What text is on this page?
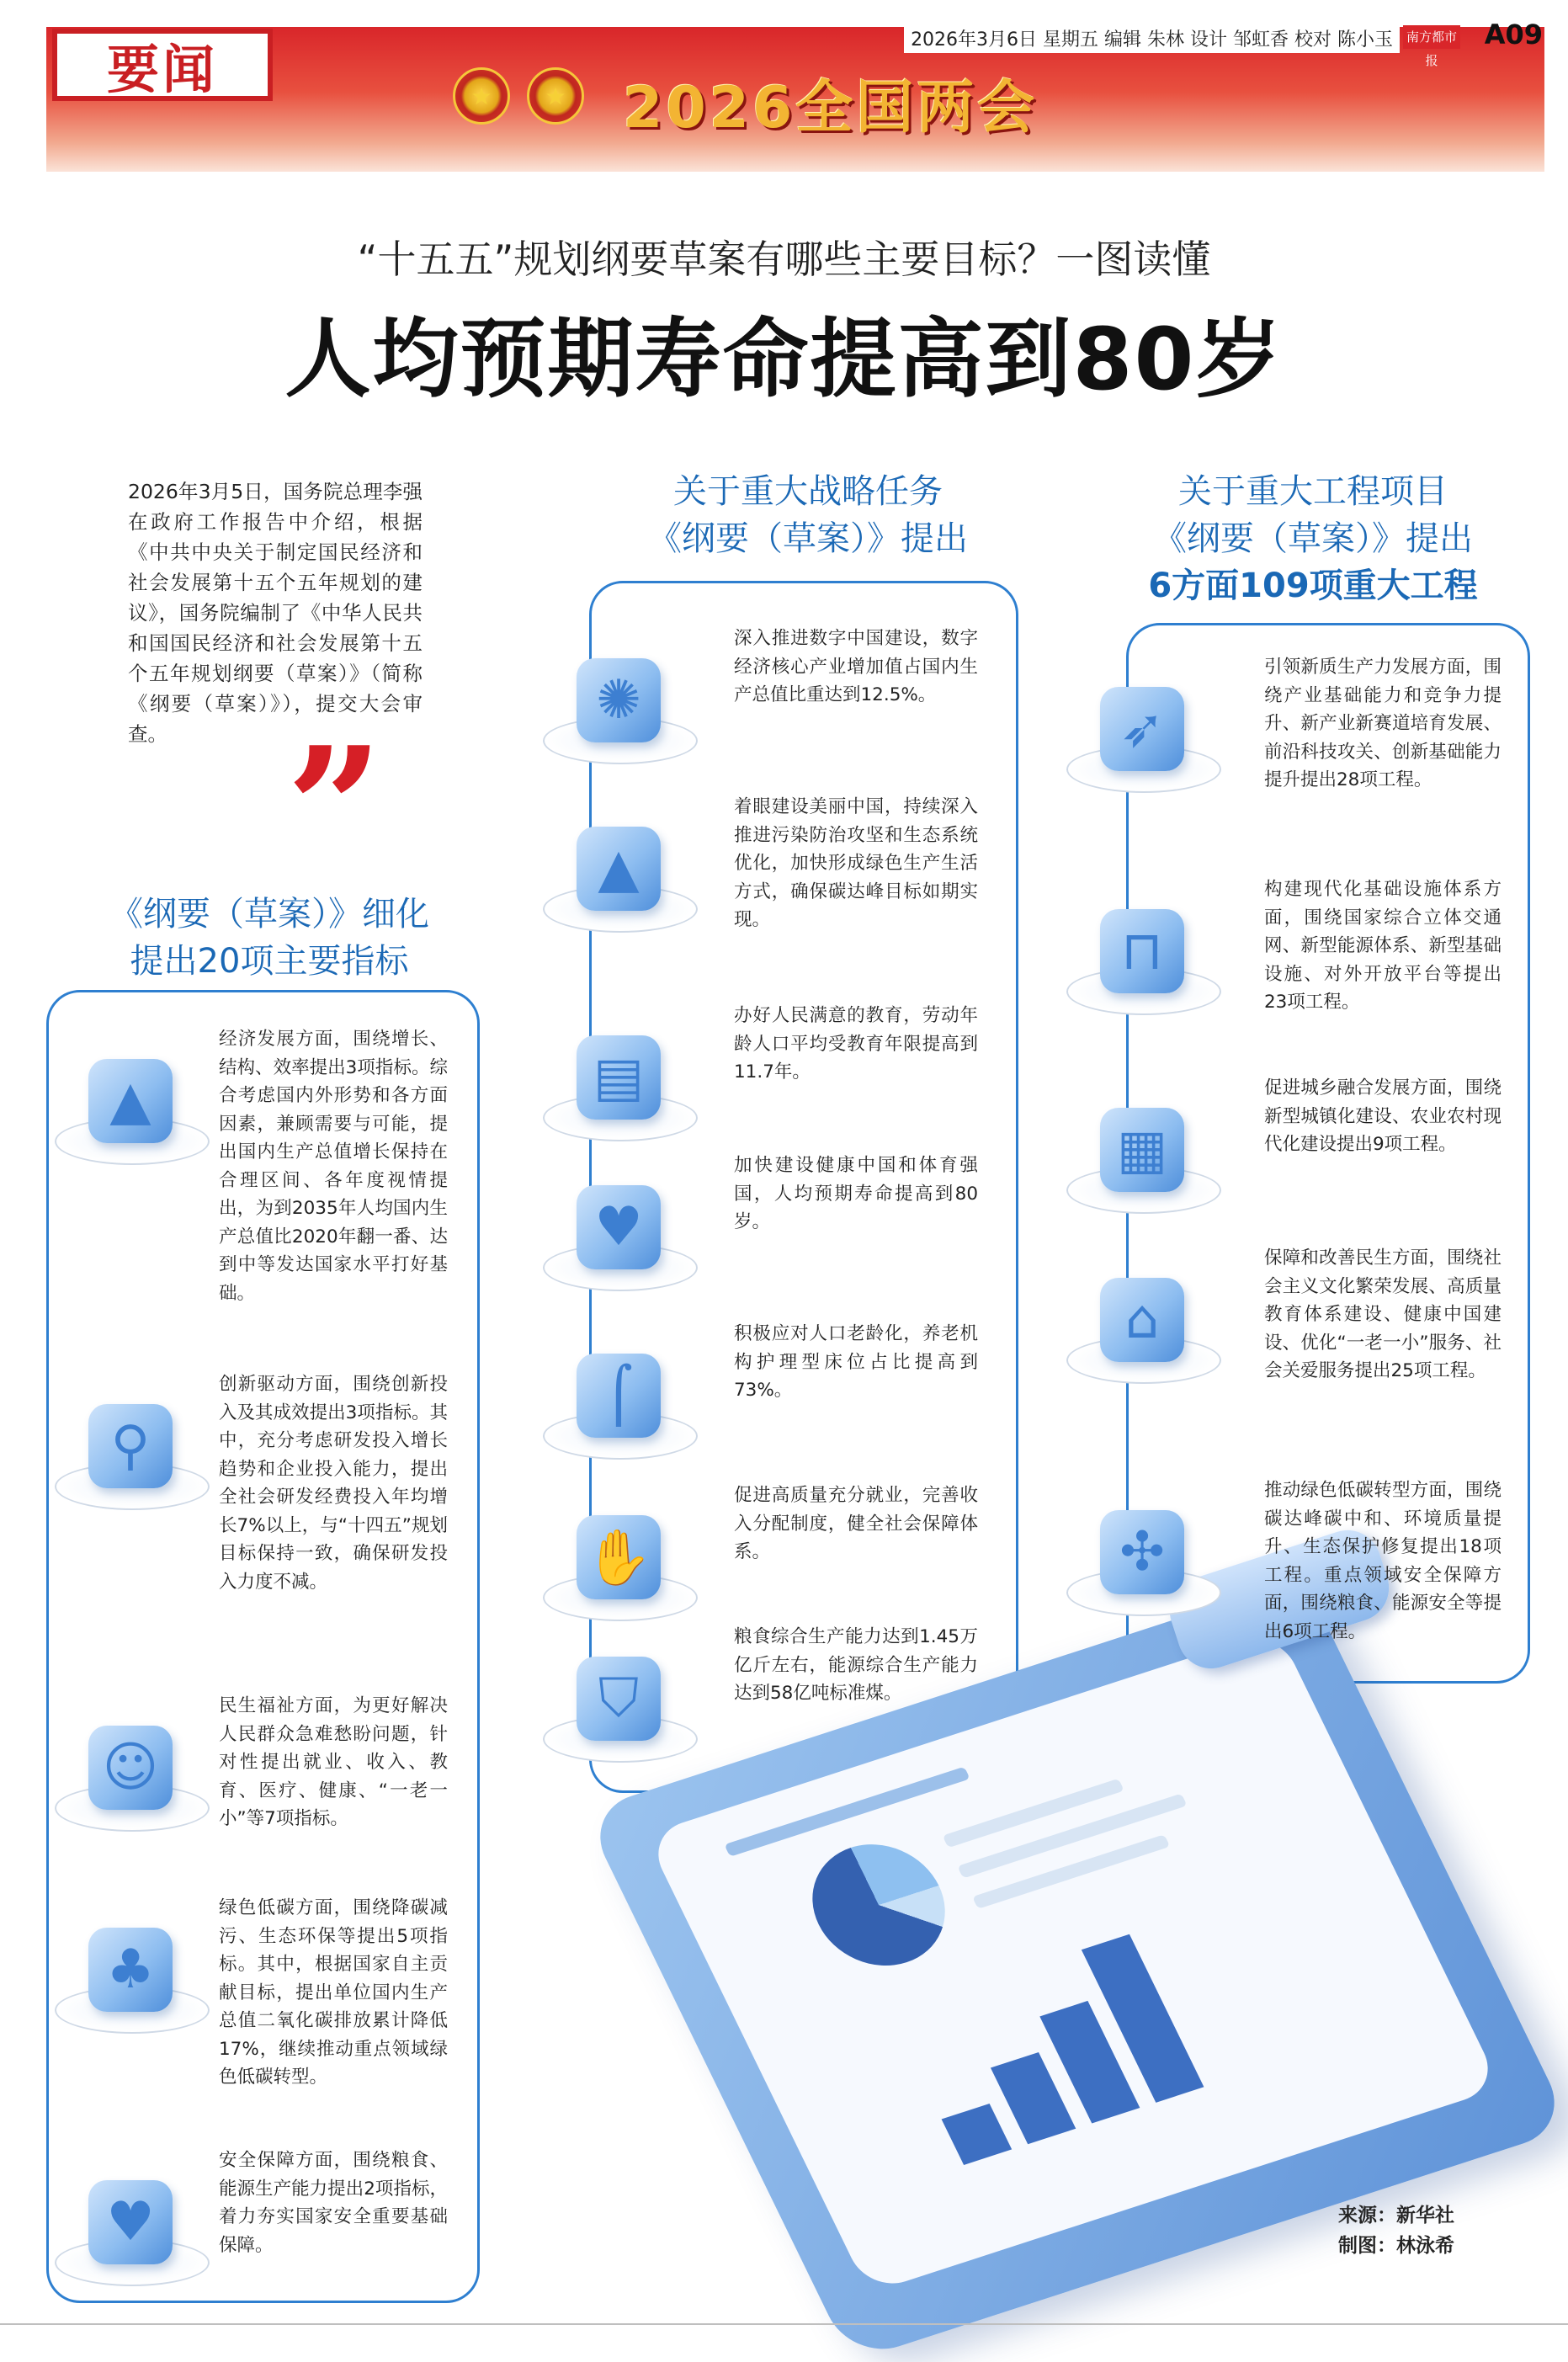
要闻	2026年3月6日 星期五 编辑 朱林 设计 邹虹香 校对 陈小玉	南方都市报
A09
★	★ 2026全国两会
“十五五”规划纲要草案有哪些主要目标？一图读懂
人均预期寿命提高到80岁
2026年3月5日，国务院总理李强在政府工作报告中介绍，根据《中共中央关于制定国民经济和社会发展第十五个五年规划的建议》，国务院编制了《中华人民共和国国民经济和社会发展第十五个五年规划纲要（草案）》（简称《纲要（草案）》），提交大会审查。 ”
《纲要（草案）》细化
提出20项主要指标
关于重大战略任务
《纲要（草案）》提出
关于重大工程项目
《纲要（草案）》提出
6方面109项重大工程
来源：新华社
制图：林泳希
▲
经济发展方面，围绕增长、结构、效率提出3项指标。综合考虑国内外形势和各方面因素，兼顾需要与可能，提出国内生产总值增长保持在合理区间、各年度视情提出，为到2035年人均国内生产总值比2020年翻一番、达到中等发达国家水平打好基础。
⚲
创新驱动方面，围绕创新投入及其成效提出3项指标。其中，充分考虑研发投入增长趋势和企业投入能力，提出全社会研发经费投入年均增长7%以上，与“十四五”规划目标保持一致，确保研发投入力度不减。
☺
民生福祉方面，为更好解决人民群众急难愁盼问题，针对性提出就业、收入、教育、医疗、健康、“一老一小”等7项指标。
♣
绿色低碳方面，围绕降碳减污、生态环保等提出5项指标。其中，根据国家自主贡献目标，提出单位国内生产总值二氧化碳排放累计降低17%，继续推动重点领域绿色低碳转型。
♥
安全保障方面，围绕粮食、能源生产能力提出2项指标，着力夯实国家安全重要基础保障。
✺
深入推进数字中国建设，数字经济核心产业增加值占国内生产总值比重达到12.5%。
▲
着眼建设美丽中国，持续深入推进污染防治攻坚和生态系统优化，加快形成绿色生产生活方式，确保碳达峰目标如期实现。
▤
办好人民满意的教育，劳动年龄人口平均受教育年限提高到11.7年。
♥
加快建设健康中国和体育强国，人均预期寿命提高到80岁。
⌠
积极应对人口老龄化，养老机构护理型床位占比提高到73%。
✋
促进高质量充分就业，完善收入分配制度，健全社会保障体系。
⛉
粮食综合生产能力达到1.45万亿斤左右，能源综合生产能力达到58亿吨标准煤。
➶
引领新质生产力发展方面，围绕产业基础能力和竞争力提升、新产业新赛道培育发展、前沿科技攻关、创新基础能力提升提出28项工程。
⊓
构建现代化基础设施体系方面，围绕国家综合立体交通网、新型能源体系、新型基础设施、对外开放平台等提出23项工程。
▦
促进城乡融合发展方面，围绕新型城镇化建设、农业农村现代化建设提出9项工程。
⌂
保障和改善民生方面，围绕社会主义文化繁荣发展、高质量教育体系建设、健康中国建设、优化“一老一小”服务、社会关爱服务提出25项工程。
✣
推动绿色低碳转型方面，围绕碳达峰碳中和、环境质量提升、生态保护修复提出18项工程。重点领域安全保障方面，围绕粮食、能源安全等提出6项工程。
